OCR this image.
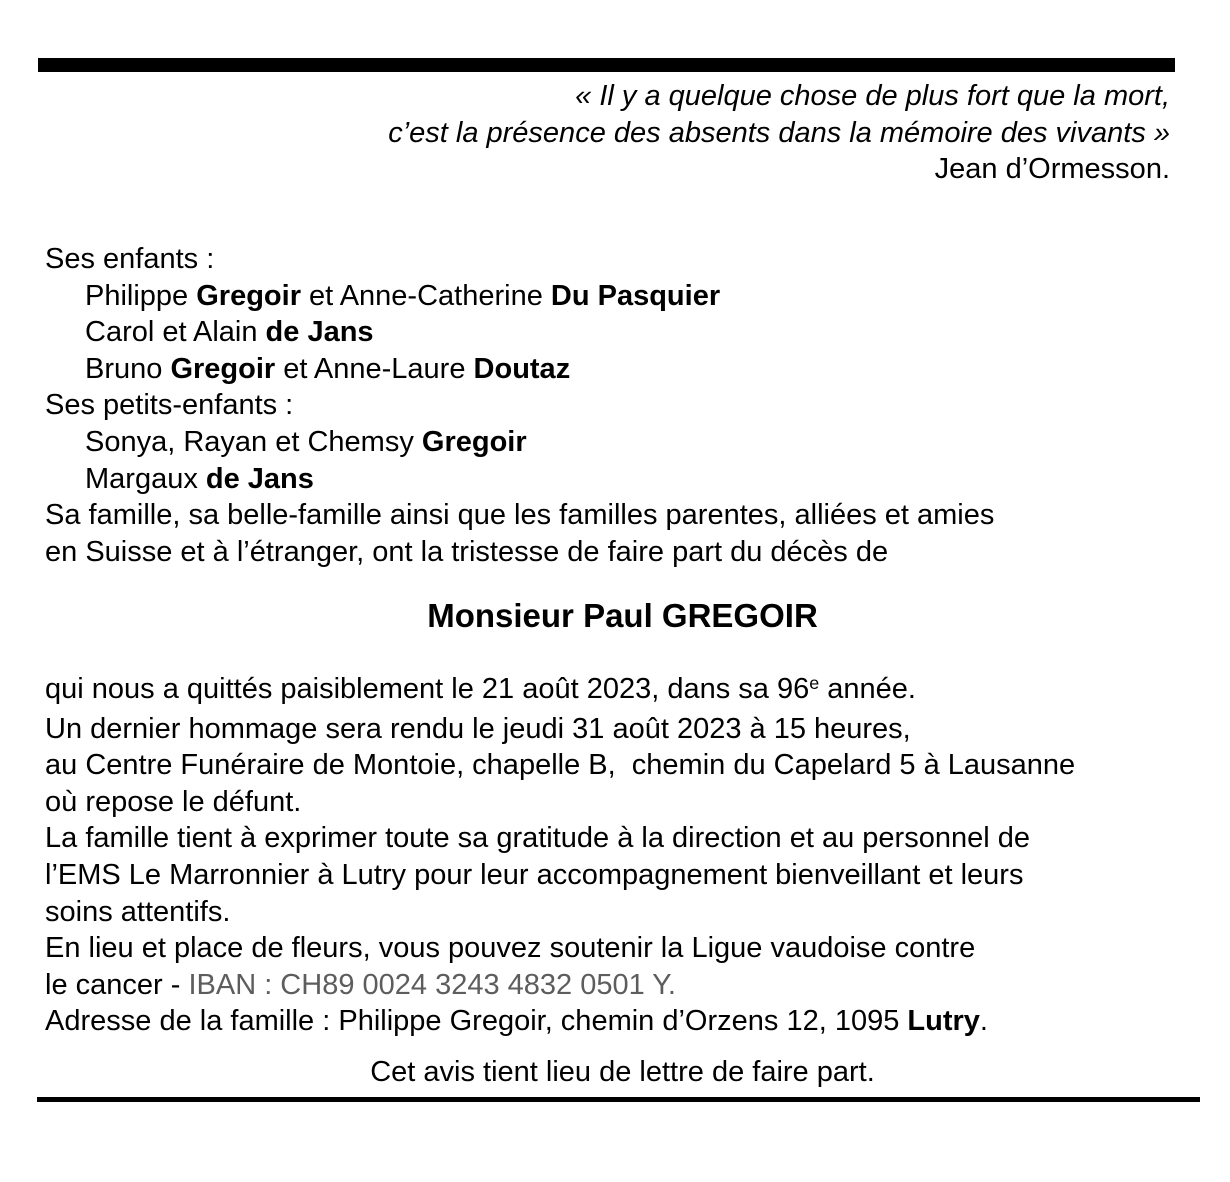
« Il y a quelque chose de plus fort que la mort,
c’est la présence des absents dans la mémoire des vivants »
Jean d’Ormesson.
Ses enfants :
Philippe Gregoir et Anne-Catherine Du Pasquier
Carol et Alain de Jans
Bruno Gregoir et Anne-Laure Doutaz
Ses petits-enfants :
Sonya, Rayan et Chemsy Gregoir
Margaux de Jans
Sa famille, sa belle-famille ainsi que les familles parentes, alliées et amies
en Suisse et à l’étranger, ont la tristesse de faire part du décès de
Monsieur Paul GREGOIR
qui nous a quittés paisiblement le 21 août 2023, dans sa 96e année.
Un dernier hommage sera rendu le jeudi 31 août 2023 à 15 heures,
au Centre Funéraire de Montoie, chapelle B,  chemin du Capelard 5 à Lausanne
où repose le défunt.
La famille tient à exprimer toute sa gratitude à la direction et au personnel de
l’EMS Le Marronnier à Lutry pour leur accompagnement bienveillant et leurs
soins attentifs.
En lieu et place de fleurs, vous pouvez soutenir la Ligue vaudoise contre
le cancer - IBAN : CH89 0024 3243 4832 0501 Y.
Adresse de la famille : Philippe Gregoir, chemin d’Orzens 12, 1095 Lutry.
Cet avis tient lieu de lettre de faire part.
